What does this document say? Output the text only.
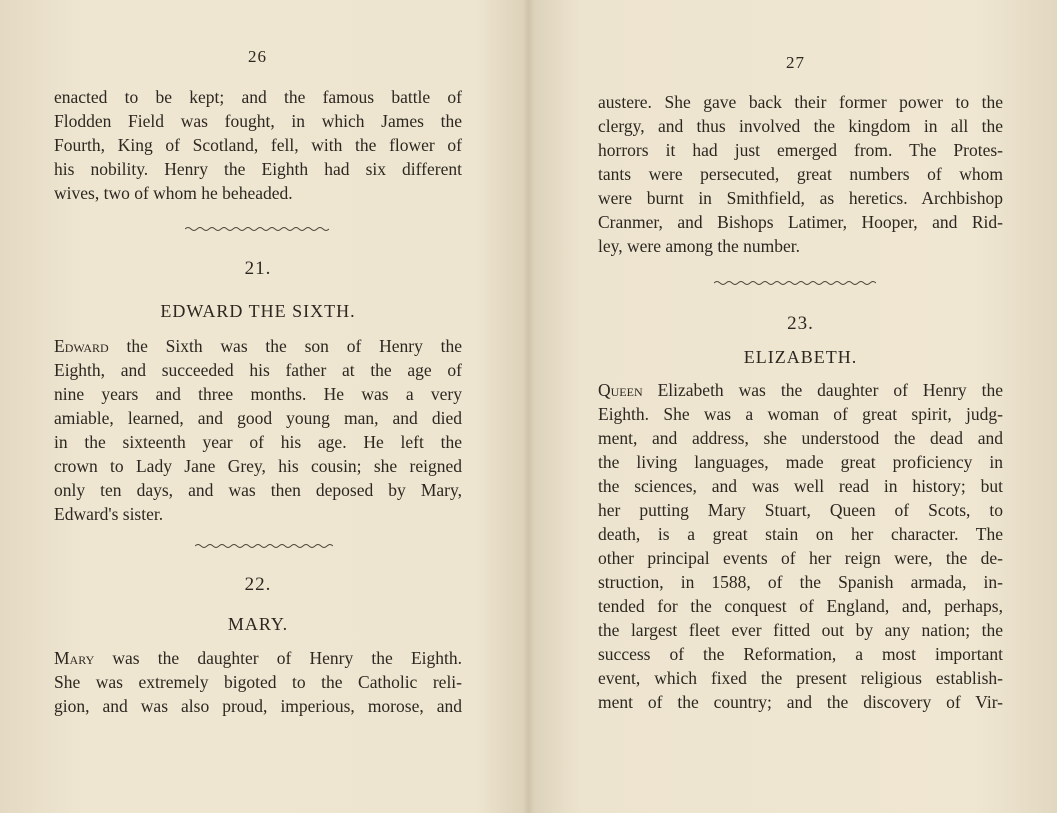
26
enacted to be kept; and the famous battle of
Flodden Field was fought, in which James the
Fourth, King of Scotland, fell, with the flower of
his nobility. Henry the Eighth had six different
wives, two of whom he beheaded.
21.
EDWARD THE SIXTH.
Edward the Sixth was the son of Henry the
Eighth, and succeeded his father at the age of
nine years and three months. He was a very
amiable, learned, and good young man, and died
in the sixteenth year of his age. He left the
crown to Lady Jane Grey, his cousin; she reigned
only ten days, and was then deposed by Mary,
Edward's sister.
22.
MARY.
Mary was the daughter of Henry the Eighth.
She was extremely bigoted to the Catholic reli-
gion, and was also proud, imperious, morose, and
27
austere. She gave back their former power to the
clergy, and thus involved the kingdom in all the
horrors it had just emerged from. The Protes-
tants were persecuted, great numbers of whom
were burnt in Smithfield, as heretics. Archbishop
Cranmer, and Bishops Latimer, Hooper, and Rid-
ley, were among the number.
23.
ELIZABETH.
Queen Elizabeth was the daughter of Henry the
Eighth. She was a woman of great spirit, judg-
ment, and address, she understood the dead and
the living languages, made great proficiency in
the sciences, and was well read in history; but
her putting Mary Stuart, Queen of Scots, to
death, is a great stain on her character. The
other principal events of her reign were, the de-
struction, in 1588, of the Spanish armada, in-
tended for the conquest of England, and, perhaps,
the largest fleet ever fitted out by any nation; the
success of the Reformation, a most important
event, which fixed the present religious establish-
ment of the country; and the discovery of Vir-
